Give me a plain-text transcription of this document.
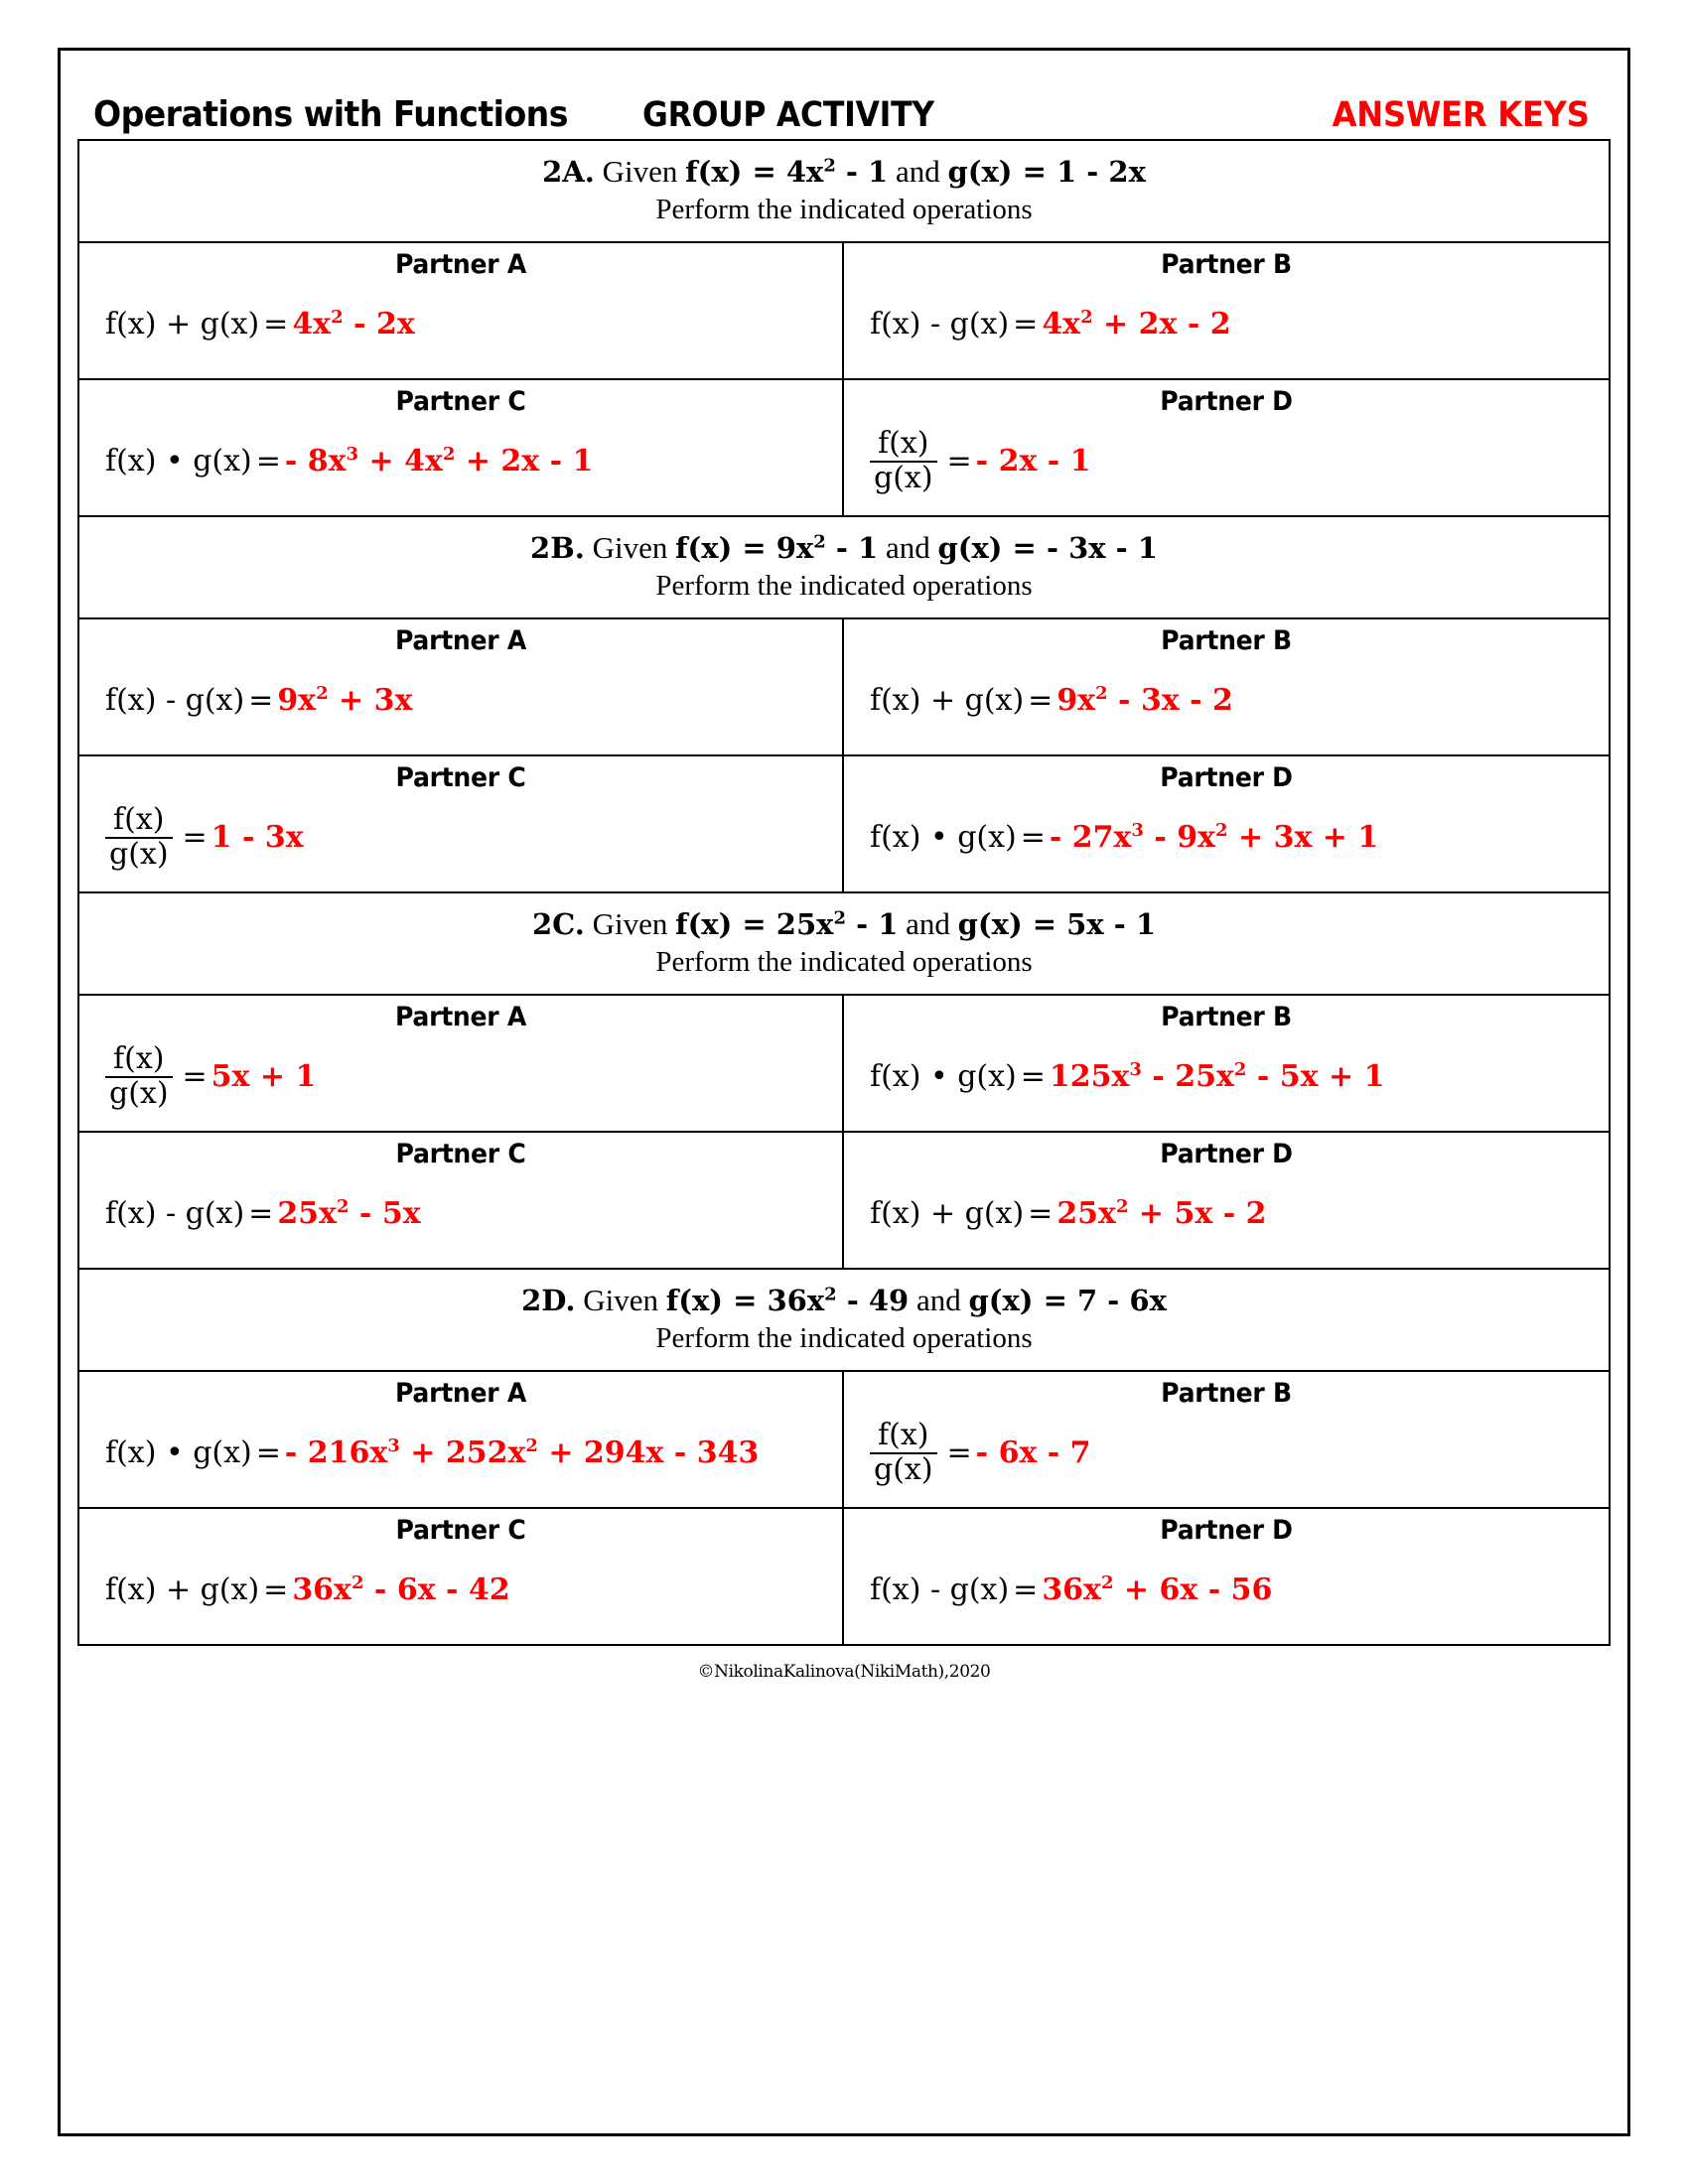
Operations with Functions GROUP ACTIVITY	ANSWER KEYS
2A. Given $f(x) = 4x^2 - 1$ and g(x) = 1 - 2x
Perform the indicated operations
Partner A
$f(x) + g(x) = 4x^2 - 2x$
Partner B
$f(x) - g(x) = 4x^2 + 2x - 2$
Partner C
f(x) • g(x) = - $8x^3 + 4x^2 + 2x - 1$
Partner D
$\frac{f(x)}{g(x)}$ = - 2x - 1
2B. Given $f(x) = 9x^2 - 1$ and g(x) = - 3x - 1
Perform the indicated operations
Partner A
$f(x) - g(x) = 9x^2 + 3x$
Partner B
$f(x) + g(x) = 9x^2 - 3x - 2$
Partner C
$\frac{f(x)}{g(x)} = 1 - 3x$
Partner D
f(x) • g(x) = - $27x^3 - 9x^2 + 3x + 1$
2C. Given $f(x) = 25x^2 - 1$ and g(x) = 5x - 1
Perform the indicated operations
Partner A
$\frac{f(x)}{g(x)} = 5x + 1$
Partner B
f(x) • $g(x) = 125x^3 - 25x^2 - 5x + 1$
Partner C
$f(x) - g(x) = 25x^2 - 5x$
Partner D
$f(x) + g(x) = 25x^2 + 5x - 2$
2D. Given $f(x) = 36x^2 - 49$ and g(x) = 7 - 6x
Perform the indicated operations
Partner A
f(x) • g(x) = - $216x^3 + 252x^2 + 294x - 343$
Partner B
$\frac{f(x)}{g(x)}$ = - 6x - 7
Partner C
$f(x) + g(x) = 36x^2 - 6x - 42$
Partner D
$f(x) - g(x) = 36x^2 + 6x - 56$
©NikolinaKalinova(NikiMath),2020
